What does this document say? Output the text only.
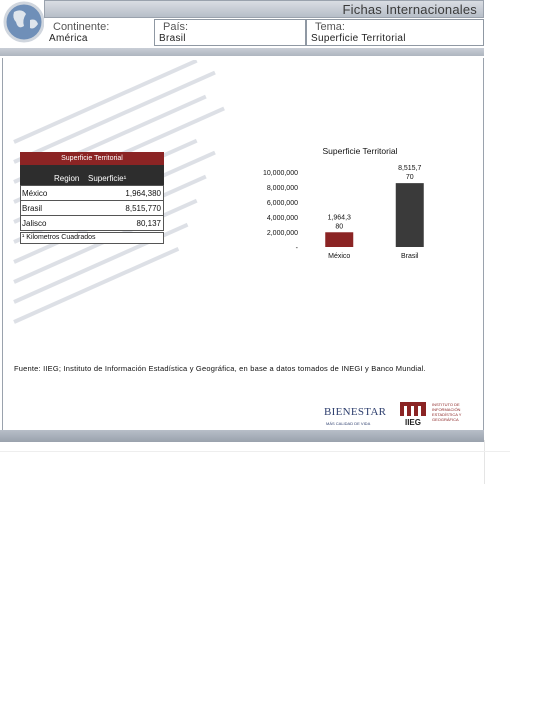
Fichas Internacionales
Continente:
América
País:
Brasil
Tema:
Superficie Territorial
Superficie Territorial
Region Superficie¹
México	1,964,380
Brasil	8,515,770
Jalisco	80,137
¹ Kilometros Cuadrados
Superficie Territorial
-
2,000,000
4,000,000
6,000,000
8,000,000
10,000,000
México
1,964,3 80
Brasil
8,515,7 70
Fuente: IIEG; Instituto de Información Estadística y Geográfica, en base a datos tomados de INEGI y Banco Mundial.
BIENESTAR
MÁS CALIDAD DE VIDA	IIEG
INSTITUTO DE INFORMACIÓN ESTADÍSTICA Y GEOGRÁFICA
